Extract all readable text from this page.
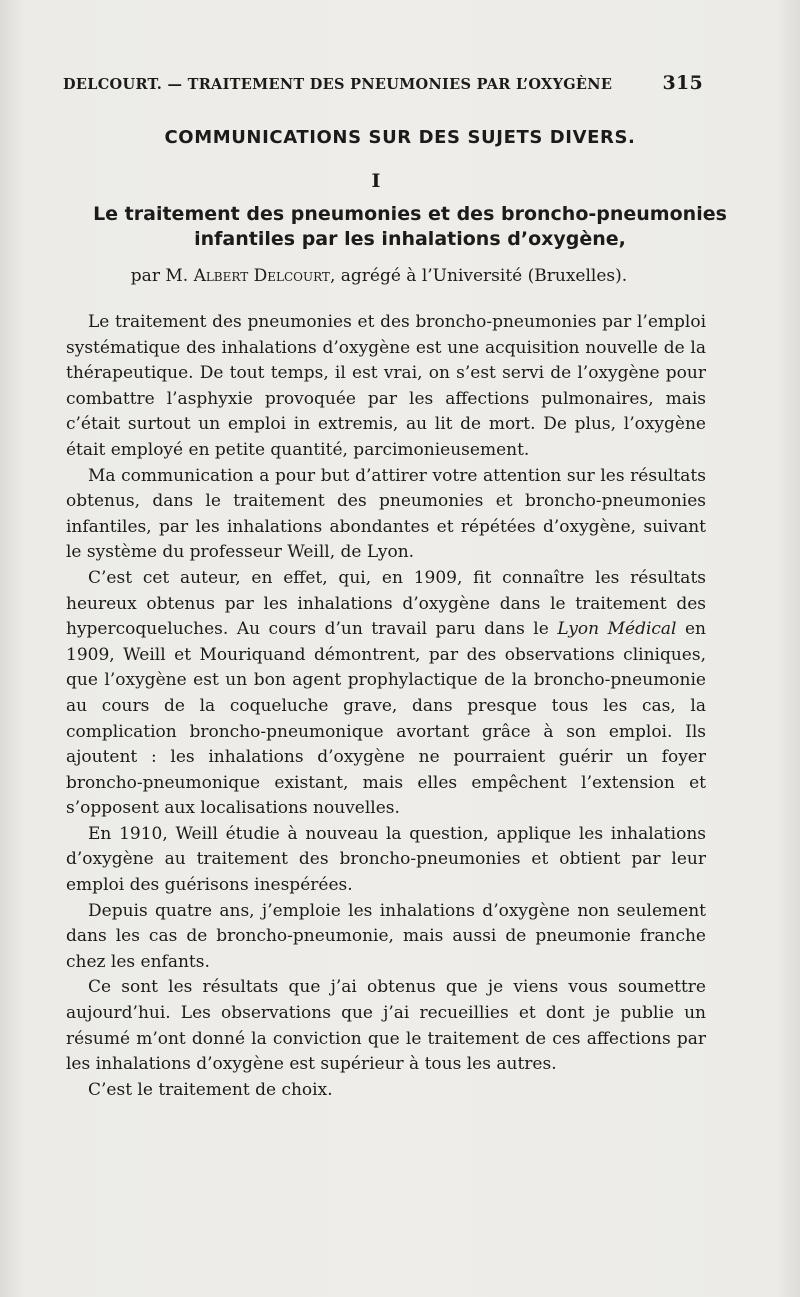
DELCOURT. — TRAITEMENT DES PNEUMONIES PAR L’OXYGÈNE	315
COMMUNICATIONS SUR DES SUJETS DIVERS.
I
Le traitement des pneumonies et des broncho-pneumonies
infantiles par les inhalations d’oxygène,
par M. Albert Delcourt, agrégé à l’Université (Bruxelles).

Le traitement des pneumonies et des broncho-pneumonies par l’emploi systématique des inhalations d’oxygène est une acquisition nouvelle de la thérapeutique. De tout temps, il est vrai, on s’est servi de l’oxygène pour combattre l’asphyxie provoquée par les affections pulmonaires, mais c’était surtout un emploi in extremis, au lit de mort. De plus, l’oxygène était employé en petite quantité, parcimonieusement.

Ma communication a pour but d’attirer votre attention sur les résultats obtenus, dans le traitement des pneumonies et broncho-pneumonies infantiles, par les inhalations abondantes et répétées d’oxygène, suivant le système du professeur Weill, de Lyon.

C’est cet auteur, en effet, qui, en 1909, fit connaître les résultats heureux obtenus par les inhalations d’oxygène dans le traitement des hypercoqueluches. Au cours d’un travail paru dans le Lyon Médical en 1909, Weill et Mouriquand démontrent, par des observations cliniques, que l’oxygène est un bon agent prophylactique de la broncho-pneumonie au cours de la coqueluche grave, dans presque tous les cas, la complication broncho-pneumonique avortant grâce à son emploi. Ils ajoutent : les inhalations d’oxygène ne pourraient guérir un foyer broncho-pneumonique existant, mais elles empêchent l’extension et s’opposent aux localisations nouvelles.

En 1910, Weill étudie à nouveau la question, applique les inhalations d’oxygène au traitement des broncho-pneumonies et obtient par leur emploi des guérisons inespérées.

Depuis quatre ans, j’emploie les inhalations d’oxygène non seulement dans les cas de broncho-pneumonie, mais aussi de pneumonie franche chez les enfants.

Ce sont les résultats que j’ai obtenus que je viens vous soumettre aujourd’hui. Les observations que j’ai recueillies et dont je publie un résumé m’ont donné la conviction que le traitement de ces affections par les inhalations d’oxygène est supérieur à tous les autres.

C’est le traitement de choix.
